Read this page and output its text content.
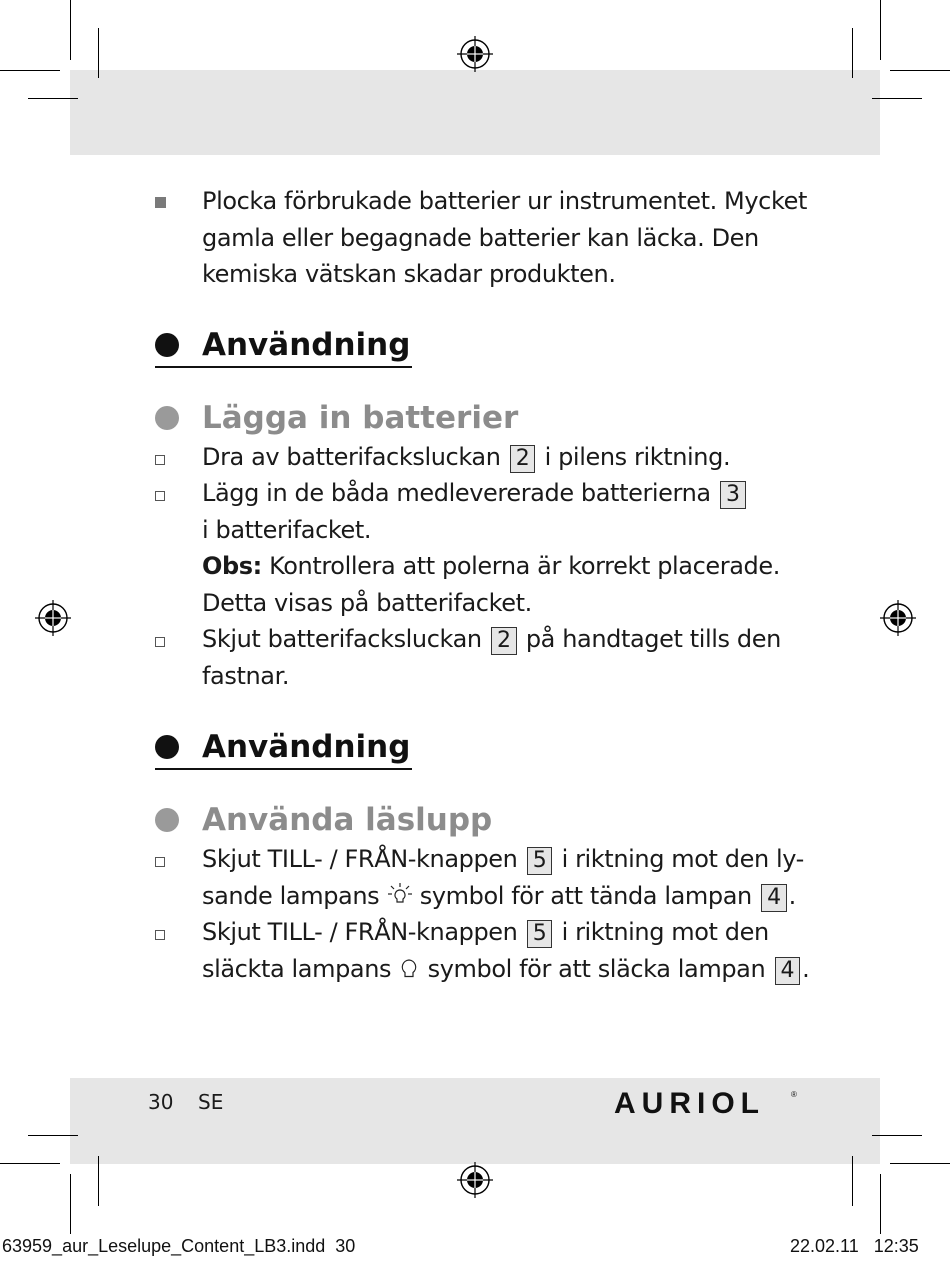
Plocka förbrukade batterier ur instrumentet. Mycket
gamla eller begagnade batterier kan läcka. Den
kemiska vätskan skadar produkten.
Användning
Lägga in batterier
Dra av batterifacksluckan 2 i pilens riktning.
Lägg in de båda medlevererade batterierna 3
i batterifacket.
Obs: Kontrollera att polerna är korrekt placerade.
Detta visas på batterifacket.
Skjut batterifacksluckan 2 på handtaget tills den
fastnar.
Användning
Använda läslupp
Skjut TILL- / FRÅN-knappen 5 i riktning mot den ly-
sande lampans symbol för att tända lampan 4 .
Skjut TILL- / FRÅN-knappen 5 i riktning mot den
släckta lampans symbol för att släcka lampan 4 .
30 SE	AURIOL	®
63959_aur_Leselupe_Content_LB3.indd 30	22.02.11 12:35
